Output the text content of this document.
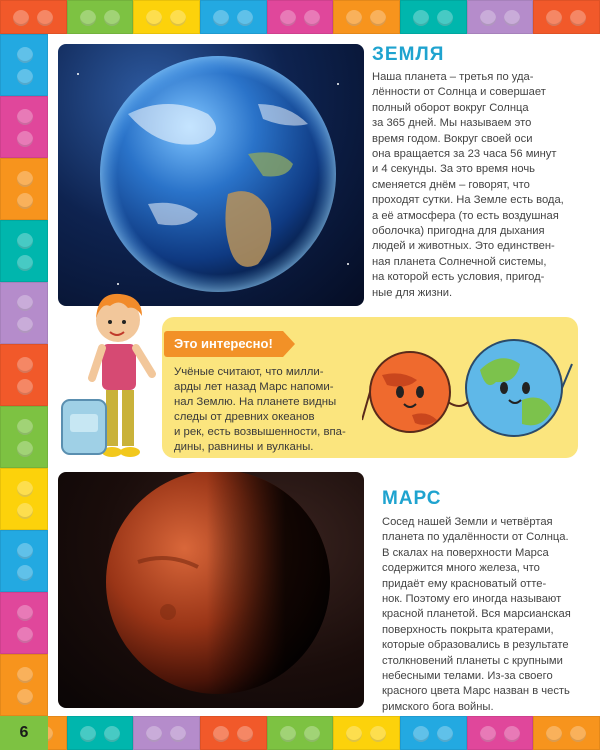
6
ЗЕМЛЯ
Наша планета – третья по уда-
лённости от Солнца и совершает
полный оборот вокруг Солнца
за 365 дней. Мы называем это
время годом. Вокруг своей оси
она вращается за 23 часа 56 минут
и 4 секунды. За это время ночь
сменяется днём – говорят, что
проходят сутки. На Земле есть вода,
а её атмосфера (то есть воздушная
оболочка) пригодна для дыхания
людей и животных. Это единствен-
ная планета Солнечной системы,
на которой есть условия, пригод-
ные для жизни.
Это интересно!
Учёные считают, что милли-
арды лет назад Марс напоми-
нал Землю. На планете видны
следы от древних океанов
и рек, есть возвышенности, впа-
дины, равнины и вулканы.
МАРС
Сосед нашей Земли и четвёртая
планета по удалённости от Солнца.
В скалах на поверхности Марса
содержится много железа, что
придаёт ему красноватый отте-
нок. Поэтому его иногда называют
красной планетой. Вся марсианская
поверхность покрыта кратерами,
которые образовались в результате
столкновений планеты с крупными
небесными телами. Из-за своего
красного цвета Марс назван в честь
римского бога войны.
